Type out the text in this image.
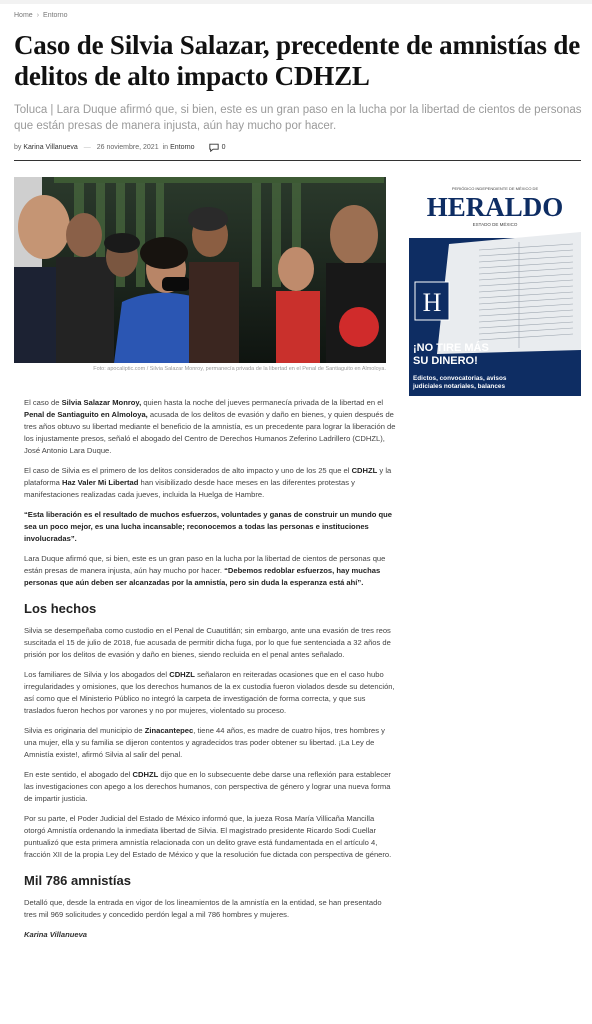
Home › Entorno
Caso de Silvia Salazar, precedente de amnistías de delitos de alto impacto CDHZL

Toluca | Lara Duque afirmó que, si bien, este es un gran paso en la lucha por la libertad de cientos de personas que están presas de manera injusta, aún hay mucho por hacer.

by
Karina Villanueva — 26 noviembre, 2021 in Entorno	0
Foto: apocaliptic.com / Silvia Salazar Monroy, permanecía privada de la libertad en el Penal de Santiaguito en Almoloya.
PERIÓDICO INDEPENDIENTE DE MÉXICO DE
HERALDO
ESTADO DE MÉXICO
H
¡NO TIRE MÁS
SU DINERO!
Edictos, convocatorias, avisos
judiciales notariales, balances

El caso de Silvia Salazar Monroy, quien hasta la noche del jueves permanecía privada de la libertad en el Penal de Santiaguito en Almoloya, acusada de los delitos de evasión y daño en bienes, y quien después de tres años obtuvo su libertad mediante el beneficio de la amnistía, es un precedente para lograr la liberación de los injustamente presos, señaló el abogado del Centro de Derechos Humanos Zeferino Ladrillero (CDHZL), José Antonio Lara Duque.

El caso de Silvia es el primero de los delitos considerados de alto impacto y uno de los 25 que el CDHZL y la plataforma Haz Valer Mi Libertad han visibilizado desde hace meses en las diferentes protestas y manifestaciones realizadas cada jueves, incluida la Huelga de Hambre.

“Esta liberación es el resultado de muchos esfuerzos, voluntades y ganas de construir un mundo que sea un poco mejor, es una lucha incansable; reconocemos a todas las personas e instituciones involucradas”.

Lara Duque afirmó que, si bien, este es un gran paso en la lucha por la libertad de cientos de personas que están presas de manera injusta, aún hay mucho por hacer. “Debemos redoblar esfuerzos, hay muchas personas que aún deben ser alcanzadas por la amnistía, pero sin duda la esperanza está ahí”.

Los hechos

Silvia se desempeñaba como custodio en el Penal de Cuautitlán; sin embargo, ante una evasión de tres reos suscitada el 15 de julio de 2018, fue acusada de permitir dicha fuga, por lo que fue sentenciada a 32 años de prisión por los delitos de evasión y daño en bienes, siendo recluida en el penal antes señalado.

Los familiares de Silvia y los abogados del CDHZL señalaron en reiteradas ocasiones que en el caso hubo irregularidades y omisiones, que los derechos humanos de la ex custodia fueron violados desde su detención, así como que el Ministerio Público no integró la carpeta de investigación de forma correcta, y que sus traslados fueron hechos por varones y no por mujeres, violentado su proceso.

Silvia es originaria del municipio de Zinacantepec, tiene 44 años, es madre de cuatro hijos, tres hombres y una mujer, ella y su familia se dijeron contentos y agradecidos tras poder obtener su libertad. ¡La Ley de Amnistía existe!, afirmó Silvia al salir del penal.

En este sentido, el abogado del CDHZL dijo que en lo subsecuente debe darse una reflexión para establecer las investigaciones con apego a los derechos humanos, con perspectiva de género y lograr una nueva forma de impartir justicia.

Por su parte, el Poder Judicial del Estado de México informó que, la jueza Rosa María Villicaña Mancilla otorgó Amnistía ordenando la inmediata libertad de Silvia. El magistrado presidente Ricardo Sodi Cuellar puntualizó que esta primera amnistía relacionada con un delito grave está fundamentada en el artículo 4, fracción XII de la propia Ley del Estado de México y que la resolución fue dictada con perspectiva de género.

Mil 786 amnistías

Detalló que, desde la entrada en vigor de los lineamientos de la amnistía en la entidad, se han presentado tres mil 969 solicitudes y concedido perdón legal a mil 786 hombres y mujeres.

Karina Villanueva
